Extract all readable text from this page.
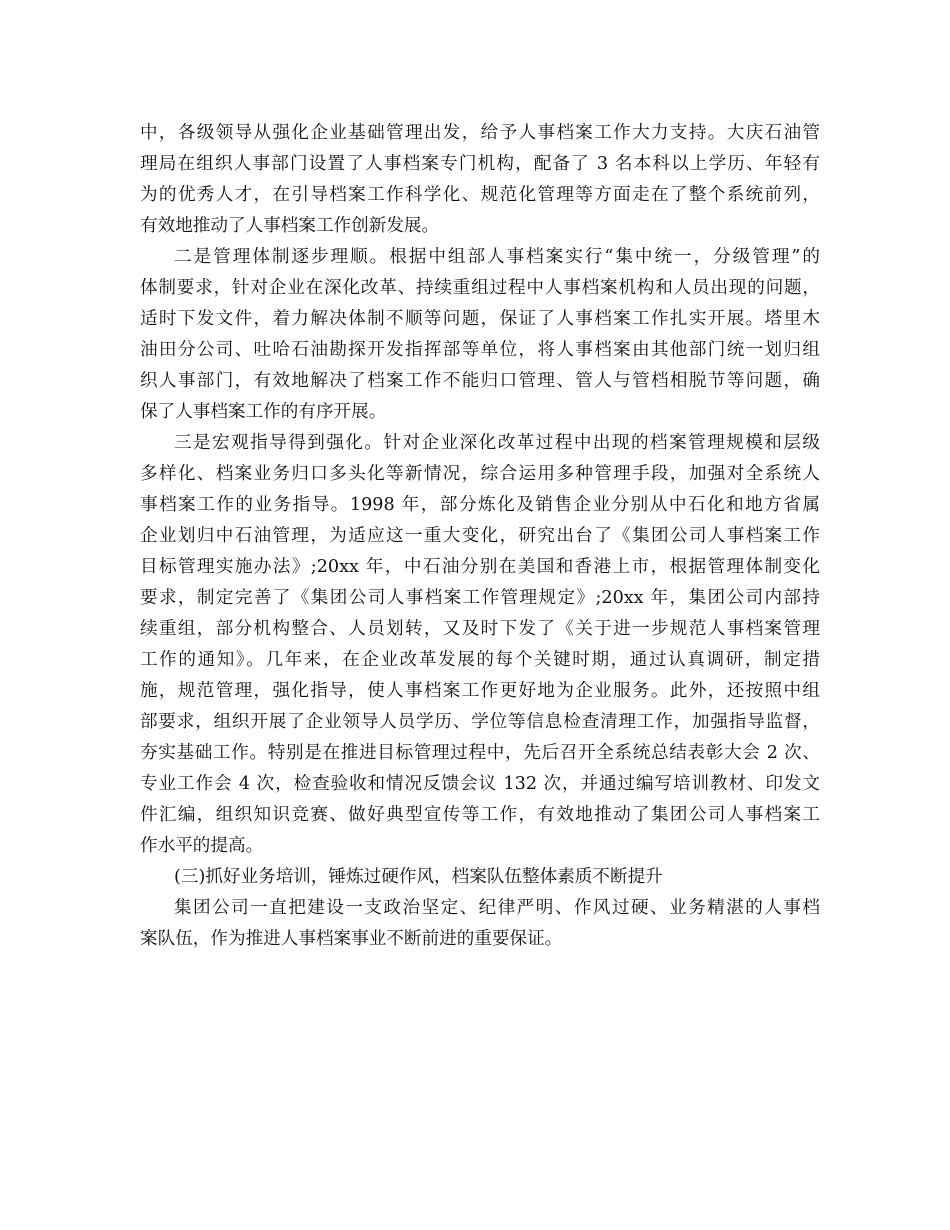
中，各级领导从强化企业基础管理出发，给予人事档案工作大力支持。大庆石油管
理局在组织人事部门设置了人事档案专门机构，配备了 3 名本科以上学历、年轻有
为的优秀人才，在引导档案工作科学化、规范化管理等方面走在了整个系统前列，
有效地推动了人事档案工作创新发展。
二是管理体制逐步理顺。根据中组部人事档案实行“集中统一，分级管理”的
体制要求，针对企业在深化改革、持续重组过程中人事档案机构和人员出现的问题，
适时下发文件，着力解决体制不顺等问题，保证了人事档案工作扎实开展。塔里木
油田分公司、吐哈石油勘探开发指挥部等单位，将人事档案由其他部门统一划归组
织人事部门，有效地解决了档案工作不能归口管理、管人与管档相脱节等问题，确
保了人事档案工作的有序开展。
三是宏观指导得到强化。针对企业深化改革过程中出现的档案管理规模和层级
多样化、档案业务归口多头化等新情况，综合运用多种管理手段，加强对全系统人
事档案工作的业务指导。1998 年，部分炼化及销售企业分别从中石化和地方省属
企业划归中石油管理，为适应这一重大变化，研究出台了《集团公司人事档案工作
目标管理实施办法》;20xx 年，中石油分别在美国和香港上市，根据管理体制变化
要求，制定完善了《集团公司人事档案工作管理规定》;20xx 年，集团公司内部持
续重组，部分机构整合、人员划转，又及时下发了《关于进一步规范人事档案管理
工作的通知》。几年来，在企业改革发展的每个关键时期，通过认真调研，制定措
施，规范管理，强化指导，使人事档案工作更好地为企业服务。此外，还按照中组
部要求，组织开展了企业领导人员学历、学位等信息检查清理工作，加强指导监督，
夯实基础工作。特别是在推进目标管理过程中，先后召开全系统总结表彰大会 2 次、
专业工作会 4 次，检查验收和情况反馈会议 132 次，并通过编写培训教材、印发文
件汇编，组织知识竞赛、做好典型宣传等工作，有效地推动了集团公司人事档案工
作水平的提高。
(三)抓好业务培训，锤炼过硬作风，档案队伍整体素质不断提升
集团公司一直把建设一支政治坚定、纪律严明、作风过硬、业务精湛的人事档
案队伍，作为推进人事档案事业不断前进的重要保证。
